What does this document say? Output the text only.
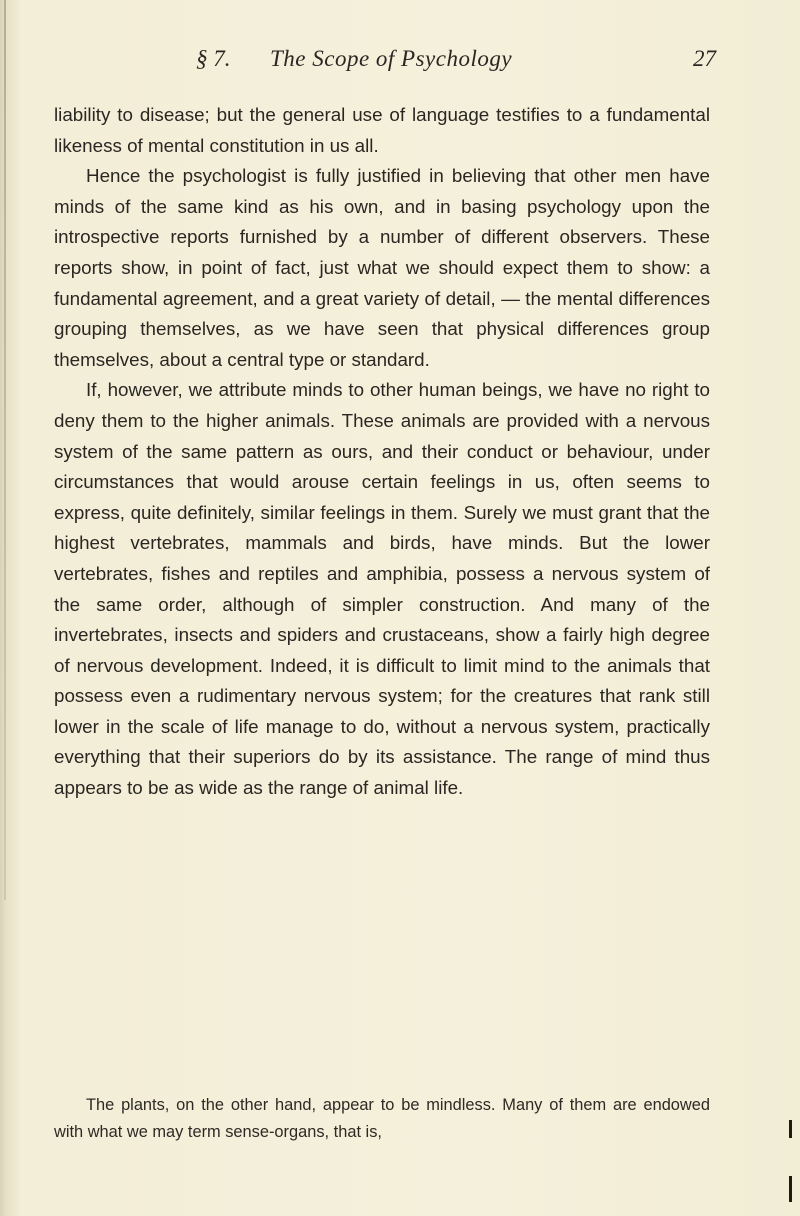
§ 7. The Scope of Psychology	27

liability to disease; but the general use of language testifies to a fundamental likeness of mental constitution in us all.

Hence the psychologist is fully justified in believing that other men have minds of the same kind as his own, and in basing psychology upon the introspective reports furnished by a number of different observers. These reports show, in point of fact, just what we should expect them to show: a fundamental agreement, and a great variety of detail, — the mental differences grouping themselves, as we have seen that physical differences group themselves, about a central type or standard.

If, however, we attribute minds to other human beings, we have no right to deny them to the higher animals. These animals are provided with a nervous system of the same pattern as ours, and their conduct or behaviour, under circumstances that would arouse certain feelings in us, often seems to express, quite definitely, similar feelings in them. Surely we must grant that the highest vertebrates, mammals and birds, have minds. But the lower vertebrates, fishes and reptiles and amphibia, possess a nervous system of the same order, although of simpler construction. And many of the invertebrates, insects and spiders and crustaceans, show a fairly high degree of nervous development. Indeed, it is difficult to limit mind to the animals that possess even a rudimentary nervous system; for the creatures that rank still lower in the scale of life manage to do, without a nervous system, practically everything that their superiors do by its assistance. The range of mind thus appears to be as wide as the range of animal life.

The plants, on the other hand, appear to be mindless. Many of them are endowed with what we may term sense-organs, that is,
